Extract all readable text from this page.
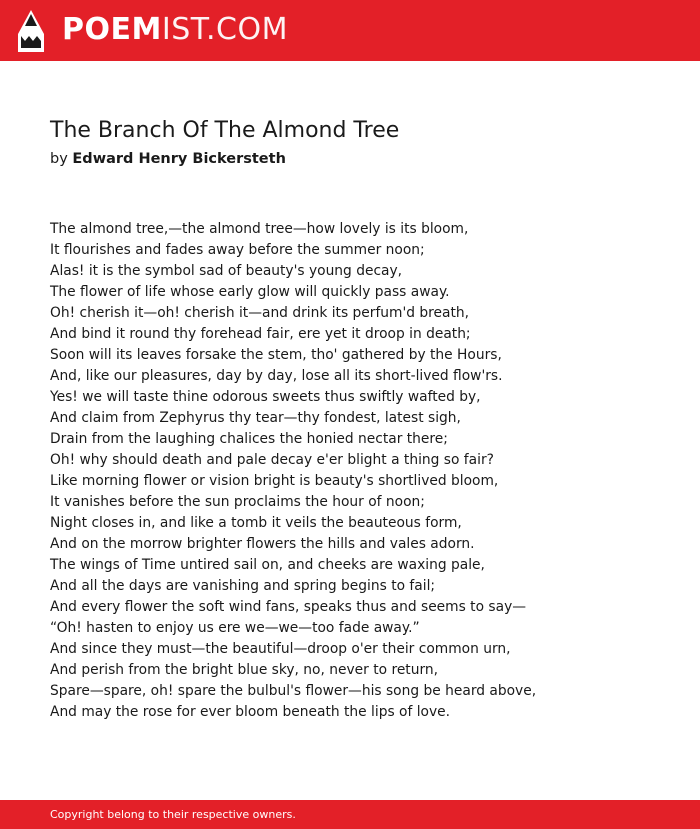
POEMIST.COM
The Branch Of The Almond Tree
by Edward Henry Bickersteth
The almond tree,—the almond tree—how lovely is its bloom,
It flourishes and fades away before the summer noon;
Alas! it is the symbol sad of beauty's young decay,
The flower of life whose early glow will quickly pass away.
Oh! cherish it—oh! cherish it—and drink its perfum'd breath,
And bind it round thy forehead fair, ere yet it droop in death;
Soon will its leaves forsake the stem, tho' gathered by the Hours,
And, like our pleasures, day by day, lose all its short-lived flow'rs.
Yes! we will taste thine odorous sweets thus swiftly wafted by,
And claim from Zephyrus thy tear—thy fondest, latest sigh,
Drain from the laughing chalices the honied nectar there;
Oh! why should death and pale decay e'er blight a thing so fair?
Like morning flower or vision bright is beauty's shortlived bloom,
It vanishes before the sun proclaims the hour of noon;
Night closes in, and like a tomb it veils the beauteous form,
And on the morrow brighter flowers the hills and vales adorn.
The wings of Time untired sail on, and cheeks are waxing pale,
And all the days are vanishing and spring begins to fail;
And every flower the soft wind fans, speaks thus and seems to say—
“Oh! hasten to enjoy us ere we—we—too fade away.”
And since they must—the beautiful—droop o'er their common urn,
And perish from the bright blue sky, no, never to return,
Spare—spare, oh! spare the bulbul's flower—his song be heard above,
And may the rose for ever bloom beneath the lips of love.
Copyright belong to their respective owners.
